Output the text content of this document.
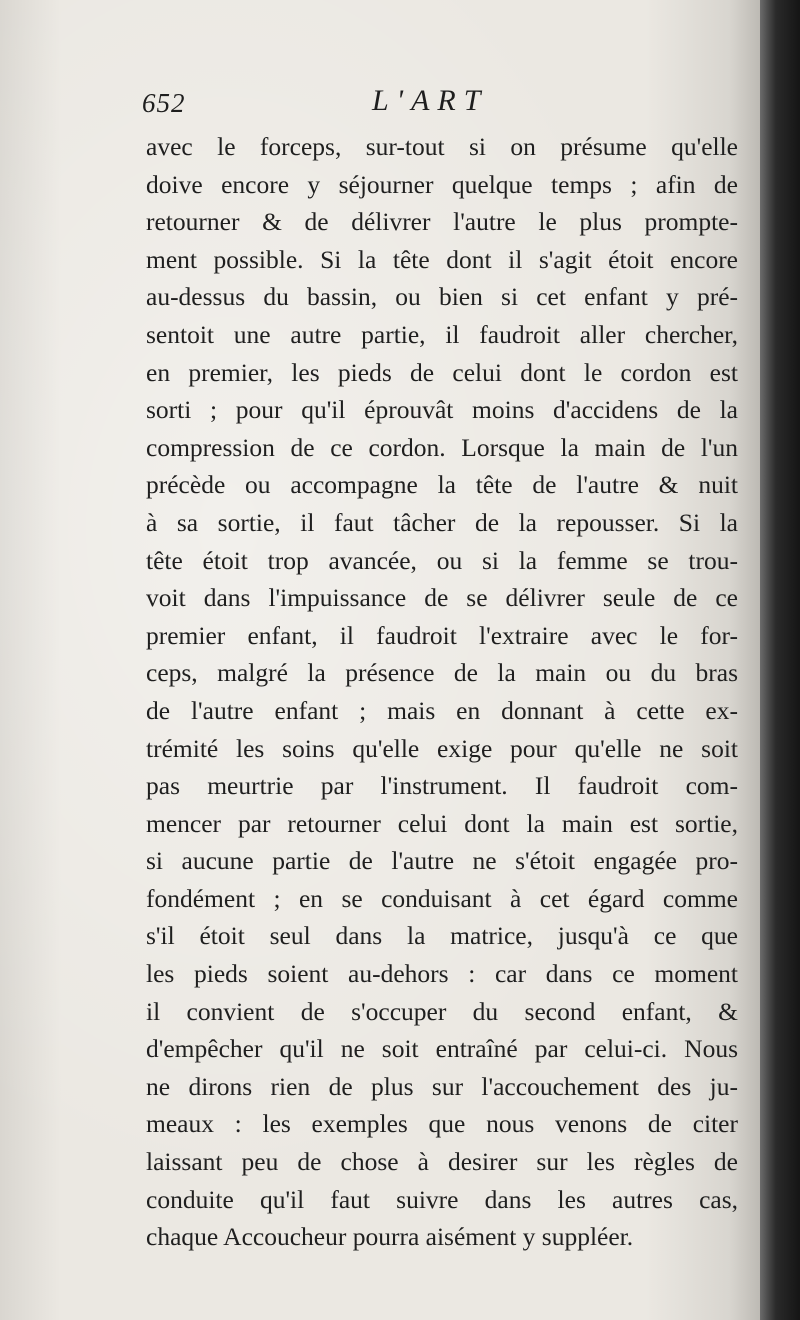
652	L'ART
avec le forceps, sur-tout si on présume qu'elle
doive encore y séjourner quelque temps ; afin de
retourner & de délivrer l'autre le plus prompte-
ment possible. Si la tête dont il s'agit étoit encore
au-dessus du bassin, ou bien si cet enfant y pré-
sentoit une autre partie, il faudroit aller chercher,
en premier, les pieds de celui dont le cordon est
sorti ; pour qu'il éprouvât moins d'accidens de la
compression de ce cordon. Lorsque la main de l'un
précède ou accompagne la tête de l'autre & nuit
à sa sortie, il faut tâcher de la repousser. Si la
tête étoit trop avancée, ou si la femme se trou-
voit dans l'impuissance de se délivrer seule de ce
premier enfant, il faudroit l'extraire avec le for-
ceps, malgré la présence de la main ou du bras
de l'autre enfant ; mais en donnant à cette ex-
trémité les soins qu'elle exige pour qu'elle ne soit
pas meurtrie par l'instrument. Il faudroit com-
mencer par retourner celui dont la main est sortie,
si aucune partie de l'autre ne s'étoit engagée pro-
fondément ; en se conduisant à cet égard comme
s'il étoit seul dans la matrice, jusqu'à ce que
les pieds soient au-dehors : car dans ce moment
il convient de s'occuper du second enfant, &
d'empêcher qu'il ne soit entraîné par celui-ci. Nous
ne dirons rien de plus sur l'accouchement des ju-
meaux : les exemples que nous venons de citer
laissant peu de chose à desirer sur les règles de
conduite qu'il faut suivre dans les autres cas,
chaque Accoucheur pourra aisément y suppléer.
